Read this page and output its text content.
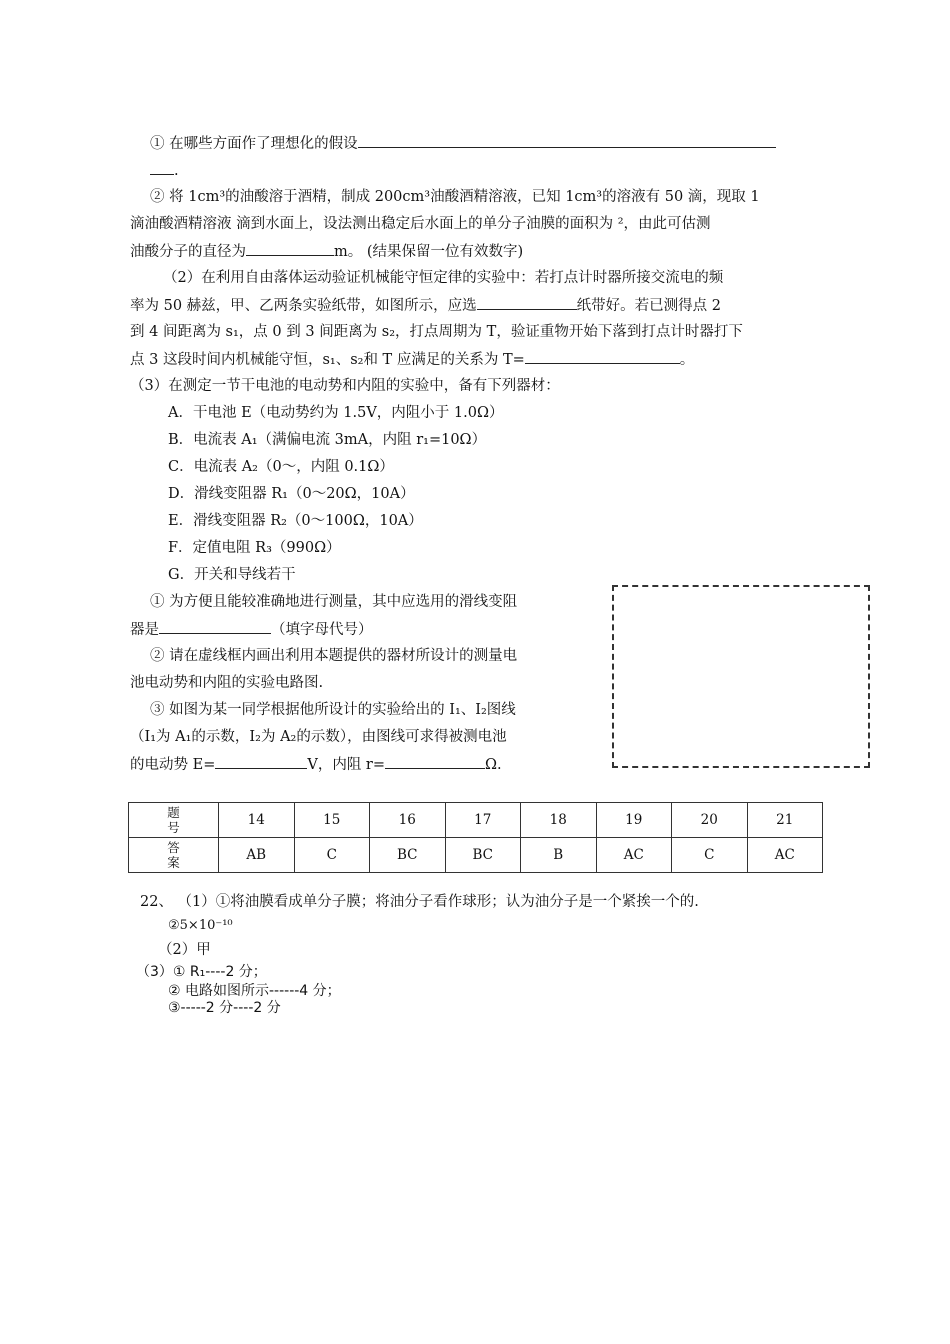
① 在哪些方面作了理想化的假设
.
② 将 1cm³的油酸溶于酒精，制成 200cm³油酸酒精溶液，已知 1cm³的溶液有 50 滴，现取 1
滴油酸酒精溶液 滴到水面上，设法测出稳定后水面上的单分子油膜的面积为 ²，由此可估测
油酸分子的直径为	m。 (结果保留一位有效数字)
（2）在利用自由落体运动验证机械能守恒定律的实验中：若打点计时器所接交流电的频
率为 50 赫兹，甲、乙两条实验纸带，如图所示，应选	纸带好。若已测得点 2
到 4 间距离为 s₁，点 0 到 3 间距离为 s₂，打点周期为 T，验证重物开始下落到打点计时器打下
点 3 这段时间内机械能守恒，s₁、s₂和 T 应满足的关系为 T=	。
（3）在测定一节干电池的电动势和内阻的实验中，备有下列器材：
A．干电池 E（电动势约为 1.5V，内阻小于 1.0Ω）
B．电流表 A₁（满偏电流 3mA，内阻 r₁=10Ω）
C．电流表 A₂（0～，内阻 0.1Ω）
D．滑线变阻器 R₁（0～20Ω，10A）
E．滑线变阻器 R₂（0～100Ω，10A）
F．定值电阻 R₃（990Ω）
G．开关和导线若干
① 为方便且能较准确地进行测量，其中应选用的滑线变阻
器是	（填字母代号）
② 请在虚线框内画出利用本题提供的器材所设计的测量电
池电动势和内阻的实验电路图.
③ 如图为某一同学根据他所设计的实验给出的 I₁、I₂图线
（I₁为 A₁的示数，I₂为 A₂的示数），由图线可求得被测电池
的电动势 E=	V，内阻 r=	Ω.
题
号	14	15	16	17	18	19	20	21
答
案	AB	C	BC	BC	B	AC	C	AC
22、 （1）①将油膜看成单分子膜；将油分子看作球形；认为油分子是一个紧挨一个的.
②5×10⁻¹⁰
（2）甲
（3）① R₁----2 分；
② 电路如图所示------4 分；
③-----2 分----2 分
